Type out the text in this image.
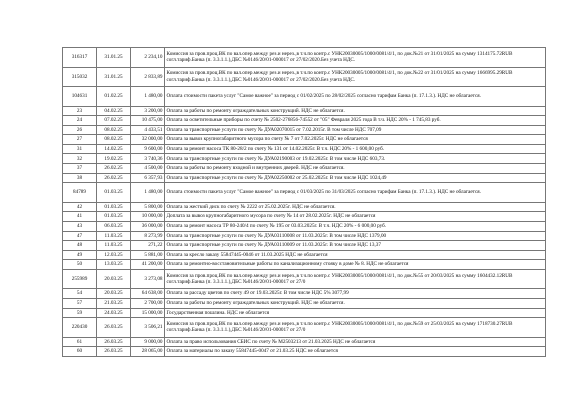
316317	31.01.25	2 234,10	Комиссия за пров.проц.ВК по вал.опер.между рез.и нерез.,в т.ч.по контр.с УНК20030005/1000/0081/4/1, по док.№21 от 31/01/2025 на сумму 1314175.72RUB согл.тариф.Банка (п. 3.3.1.1.),ДБС №0146/20/01-000017 от 27/02/2020.Без учета НДС.
315032	31.01.25	2 833,89	Комиссия за пров.проц.ВК по вал.опер.между рез.и нерез.,в т.ч.по контр.с УНК20030005/1000/0081/4/1, по док.№22 от 31/01/2025 на сумму 1666995.29RUB согл.тариф.Банка (п. 3.3.1.1.),ДБС №0146/20/01-000017 от 27/02/2020.Без учета НДС.
104631	01.02.25	1 480,00	Оплата стоимости пакета услуг "Самое важное" за период с 01/02/2025 по 28/02/2025 согласно тарифам Банка (п. 17.1.3.). НДС не облагается.
23	04.02.25	3 200,00	Оплата за работы по ремонту ограждательных конструкций. НДС не облагается.
24	07.02.25	10 475,00	Оплата за осветительные приборы по счету № 2502-276856-74552 от "05" Февраля 2025 года В т.ч. НДС 20% - 1 745,83 руб.
26	08.02.25	4 433,51	Оплата за транспортные услуги по счету № ДУА02070015 от 7.02.2015г. В том числе НДС 707,09
27	08.02.25	32 000,00	Оплата за вывоз крупногабаритного мусора по счету № 7 от 7.02.2025г. НДС не облагается
31	14.02.25	9 600,00	Оплата за ремонт насоса ТК 80-28/2 по счету № 131 от 14.02.2025г. В т.ч. НДС 20% - 1 600,00 руб.
32	19.02.25	3 740,36	Оплата за транспортные услуги по счету № ДУА02190003 от 19.02.2025г. В том числе НДС 603,73.
37	26.02.25	4 500,00	Оплата за работы по ремонту входной и внутренних дверей. НДС не облагается.
38	26.02.25	6 357,93	Оплата за транспортные услуги по счету № ДУА02250002 от 25.02.2025г. В том числе НДС 1024,49
84789	01.03.25	1 480,00	Оплата стоимости пакета услуг "Самое важное" за период с 01/03/2025 по 31/03/2025 согласно тарифам Банка (п. 17.1.3.). НДС не облагается.
42	01.03.25	5 800,00	Оплата за жесткий диск по счету № 2222 от 25.02.2025г. НДС не облагается.
41	01.03.25	10 000,00	Доплата за вывоз крупногабаритного мусора по счету № 14 от 28.02.2025г. НДС не облагается
43	06.03.25	36 000,00	Оплата за ремонт насоса ТР 80-240/4 по счету № 195 от 03.03.2025г. В т.ч. НДС 20% - 6 000,00 руб.
47	11.03.25	8 273,99	Оплата за транспортные услуги по счету № ДУА03110008 от 11.03.2025г. В том числе НДС 1379,00
48	11.03.25	271,22	Оплата за транспортные услуги по счету № ДУА03110009 от 11.03.2025г. В том числе НДС 13,37
49	12.03.25	5 881,00	Оплата за кресло заказу 55847445-0046 от 11.03.2025 НДС не облагается
50	13.03.25	41 200,00	Оплата за ремонтно-восстановительные работы по канализационному стояку в доме № 8. НДС не облагается
255989	20.03.25	3 273,08	Комиссия за пров.проц.ВК по вал.опер.между рез.и нерез.,в т.ч.по контр.с УНК20030005/1000/0081/4/1, по док.№55 от 20/03/2025 на сумму 1604432.12RUB согл.тариф.Банка (п. 3.3.1.1.),ДБС №0146/20/01-000017 от 27/0
54	20.03.25	64 638,00	Оплата за рассаду цветов по счету 49 от 19.03.2025г. В том числе НДС 5% 3077,99
57	21.03.25	2 700,00	Оплата за работы по ремонту ограждательных конструкций. НДС не облагается.
59	24.03.25	15 000,00	Государственная пошлина. НДС не облагается
220430	26.03.25	3 506,21	Комиссия за пров.проц.ВК по вал.опер.между рез.и нерез.,в т.ч.по контр.с УНК20030005/1000/0081/4/1, по док.№59 от 25/03/2025 на сумму 1718730.27RUB согл.тариф.Банка (п. 3.3.1.1.),ДБС №0146/20/01-000017 от 27/0
61	26.03.25	9 000,00	Оплата за право использования СБИС по счету № М2503213 от 21.03.2025 НДС не облагается
60	26.03.25	28 065,00	Оплата за материалы по заказу 55847445-0047 от 21.03.25 НДС не облагается
